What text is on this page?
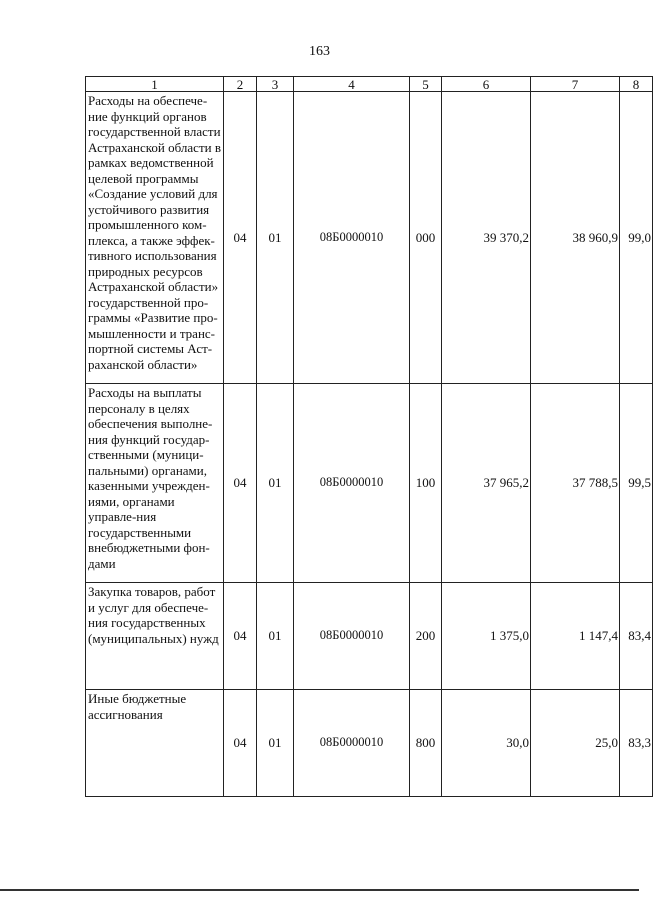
163
1	2	3	4	5	6	7	8
Расходы на обеспече-ние функций органов государственной власти Астраханской области в рамках ведомственной целевой программы «Создание условий для устойчивого развития промышленного ком-плекса, а также эффек-тивного использования природных ресурсов Астраханской области» государственной про-граммы «Развитие про-мышленности и транс-портной системы Аст-раханской области»	04	01	08Б0000010	000	39 370,2	38 960,9	99,0
Расходы на выплаты персоналу в целях обеспечения выполне-ния функций государ-ственными (муници-пальными) органами, казенными учрежден-иями, органами управле-ния государственными внебюджетными фон-дами	04	01	08Б0000010	100	37 965,2	37 788,5	99,5
Закупка товаров, работ и услуг для обеспече-ния государственных (муниципальных) нужд	04	01	08Б0000010	200	1 375,0	1 147,4	83,4
Иные бюджетные ассигнования	04	01	08Б0000010	800	30,0	25,0	83,3
